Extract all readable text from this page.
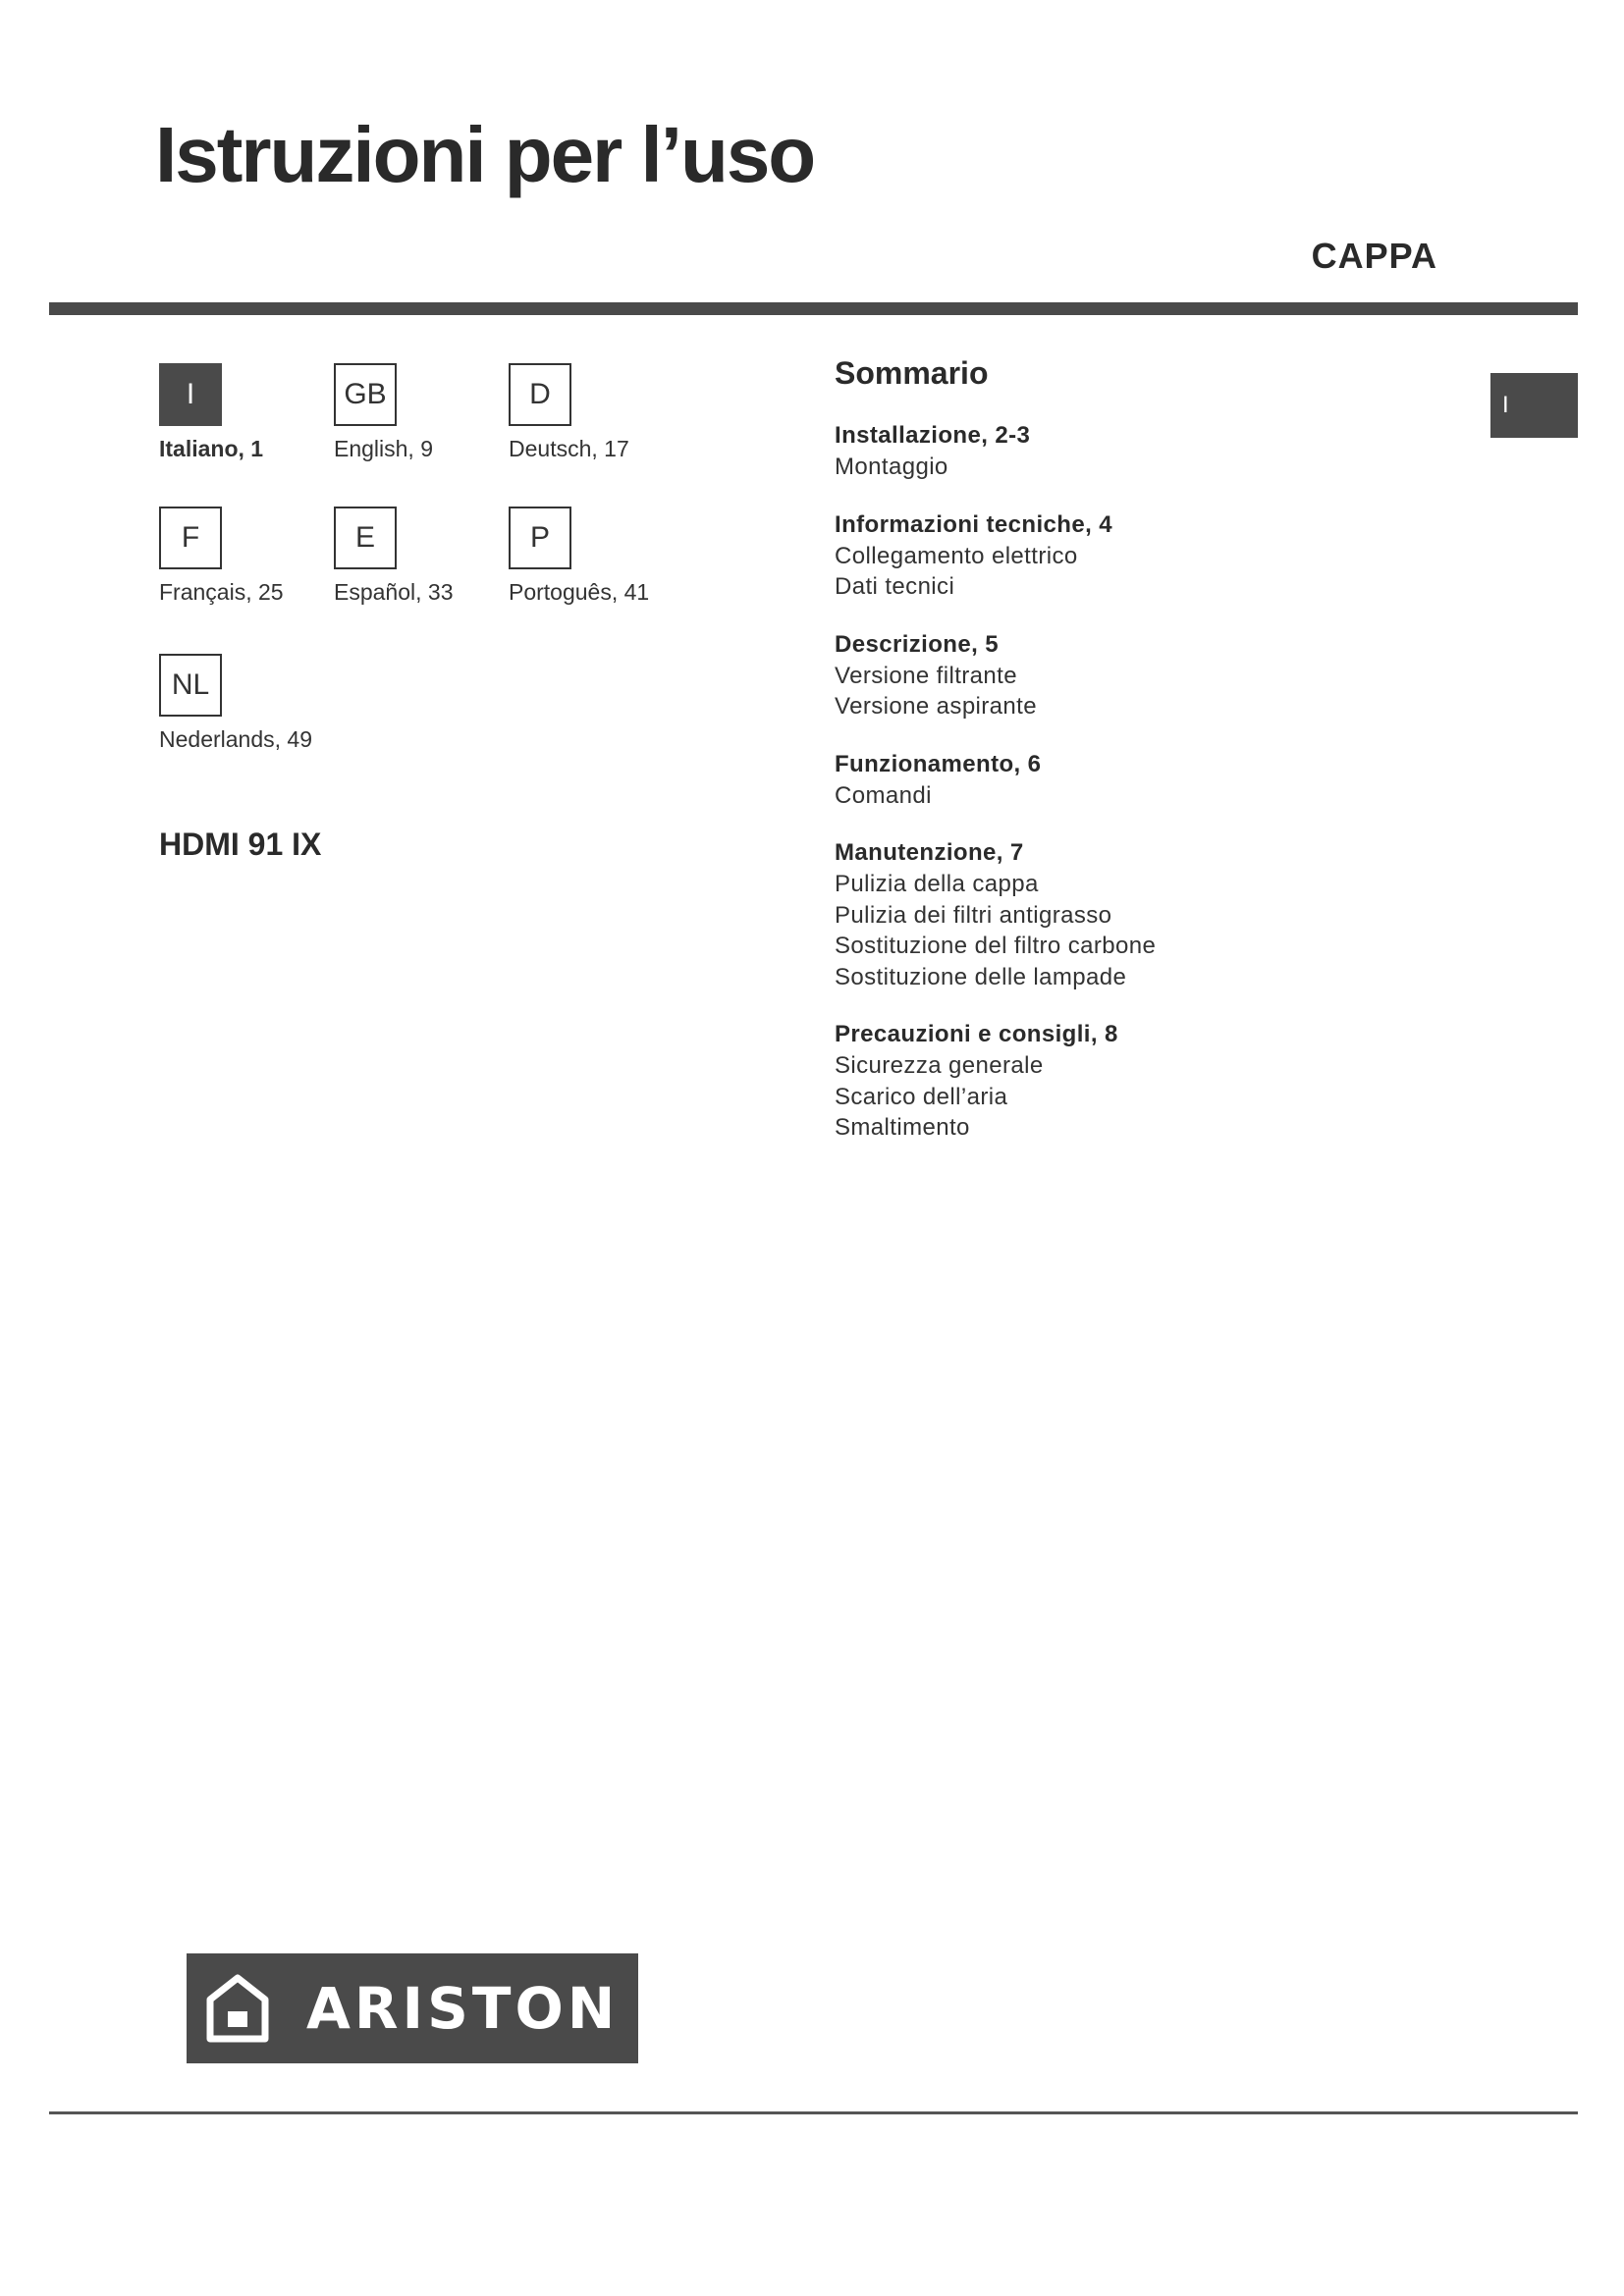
Istruzioni per l’uso
CAPPA
I
Italiano, 1
GB
English, 9
D
Deutsch, 17
F
Français, 25
E
Español, 33
P
Portoguês, 41
NL
Nederlands, 49
HDMI 91 IX
Sommario
Installazione, 2-3
Montaggio
Informazioni tecniche, 4
Collegamento elettrico
Dati tecnici
Descrizione, 5
Versione filtrante
Versione aspirante
Funzionamento, 6
Comandi
Manutenzione, 7
Pulizia della cappa
Pulizia dei filtri antigrasso
Sostituzione del filtro carbone
Sostituzione delle lampade
Precauzioni e consigli, 8
Sicurezza generale
Scarico dell’aria
Smaltimento
I
ARISTON
